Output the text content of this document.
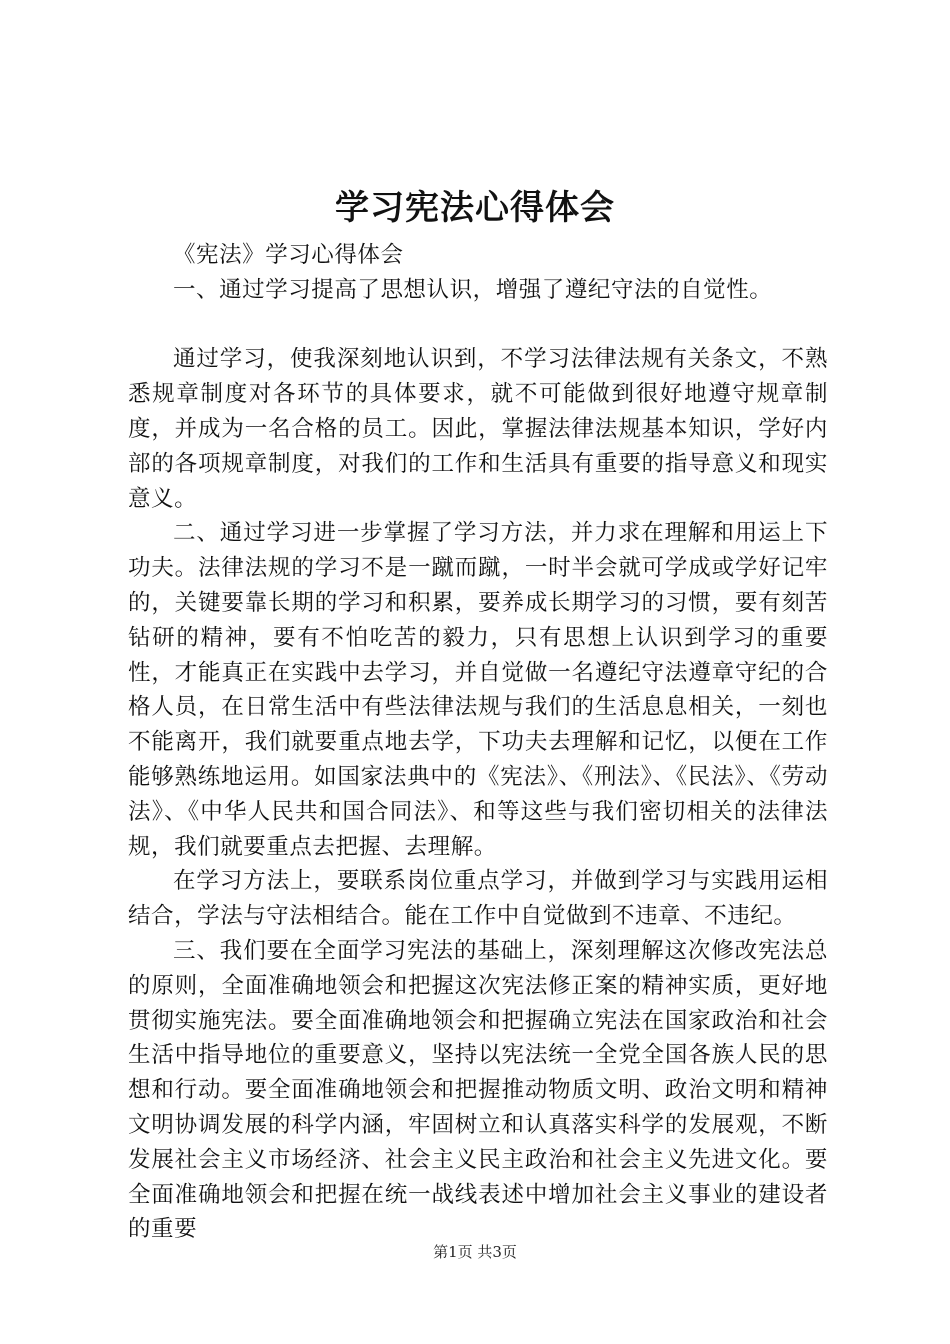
学习宪法心得体会

《宪法》学习心得体会

一、通过学习提高了思想认识，增强了遵纪守法的自觉性。

通过学习，使我深刻地认识到，不学习法律法规有关条文，不熟悉规章制度对各环节的具体要求，就不可能做到很好地遵守规章制度，并成为一名合格的员工。因此，掌握法律法规基本知识，学好内部的各项规章制度，对我们的工作和生活具有重要的指导意义和现实意义。

二、通过学习进一步掌握了学习方法，并力求在理解和用运上下功夫。法律法规的学习不是一蹴而蹴，一时半会就可学成或学好记牢的，关键要靠长期的学习和积累，要养成长期学习的习惯，要有刻苦钻研的精神，要有不怕吃苦的毅力，只有思想上认识到学习的重要性，才能真正在实践中去学习，并自觉做一名遵纪守法遵章守纪的合格人员，在日常生活中有些法律法规与我们的生活息息相关，一刻也不能离开，我们就要重点地去学，下功夫去理解和记忆，以便在工作能够熟练地运用。如国家法典中的《宪法》、《刑法》、《民法》、《劳动法》、《中华人民共和国合同法》、和等这些与我们密切相关的法律法规，我们就要重点去把握、去理解。

在学习方法上，要联系岗位重点学习，并做到学习与实践用运相结合，学法与守法相结合。能在工作中自觉做到不违章、不违纪。

三、我们要在全面学习宪法的基础上，深刻理解这次修改宪法总的原则，全面准确地领会和把握这次宪法修正案的精神实质，更好地贯彻实施宪法。要全面准确地领会和把握确立宪法在国家政治和社会生活中指导地位的重要意义，坚持以宪法统一全党全国各族人民的思想和行动。要全面准确地领会和把握推动物质文明、政治文明和精神文明协调发展的科学内涵，牢固树立和认真落实科学的发展观，不断发展社会主义市场经济、社会主义民主政治和社会主义先进文化。要全面准确地领会和把握在统一战线表述中增加社会主义事业的建设者的重要

第1页 共3页
